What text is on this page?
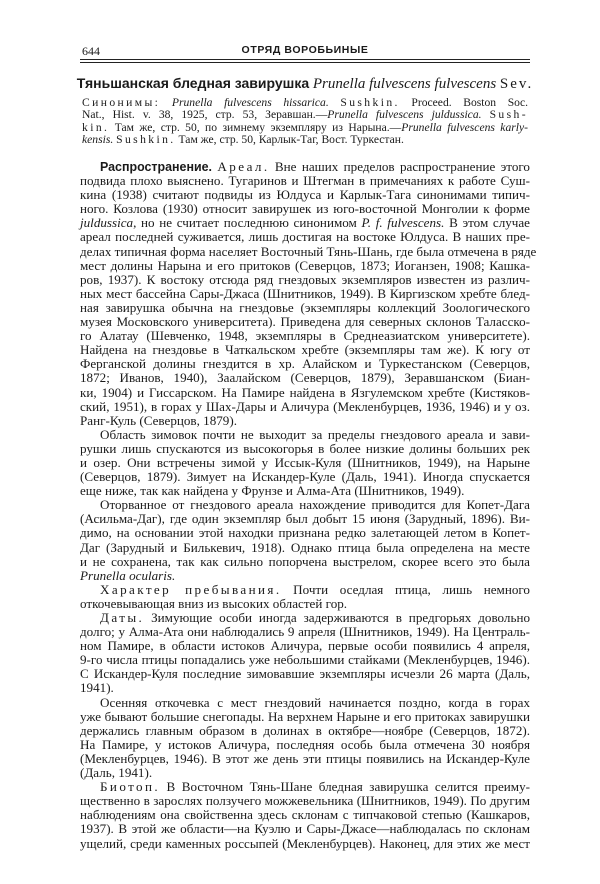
644	ОТРЯД ВОРОБЬИНЫЕ
Тяньшанская бледная завирушка Prunella fulvescens fulvescens Sev.
Синонимы: Prunella fulvescens hissarica. Sushkin. Proceed. Boston Soc.
Nat., Hist. v. 38, 1925, стр. 53, Зеравшан.—Prunella fulvescens juldussica. Sush-
kin. Там же, стр. 50, по зимнему экземпляру из Нарына.—Prunella fulvescens karly-
kensis. Sushkin. Там же, стр. 50, Карлык-Таг, Вост. Туркестан.
Распространение. Ареал. Вне наших пределов распространение этого
подвида плохо выяснено. Тугаринов и Штегман в примечаниях к работе Суш-
кина (1938) считают подвиды из Юлдуса и Карлык-Тага синонимами типич-
ного. Козлова (1930) относит завирушек из юго-восточной Монголии к форме
juldussica, но не считает последнюю синонимом P. f. fulvescens. В этом случае
ареал последней суживается, лишь достигая на востоке Юлдуса. В наших пре-
делах типичная форма населяет Восточный Тянь-Шань, где была отмечена в ряде
мест долины Нарына и его притоков (Северцов, 1873; Иоганзен, 1908; Кашка-
ров, 1937). К востоку отсюда ряд гнездовых экземпляров известен из различ-
ных мест бассейна Сары-Джаса (Шнитников, 1949). В Киргизском хребте блед-
ная завирушка обычна на гнездовье (экземпляры коллекций Зоологического
музея Московского университета). Приведена для северных склонов Таласско-
го Алатау (Шевченко, 1948, экземпляры в Среднеазиатском университете).
Найдена на гнездовье в Чаткальском хребте (экземпляры там же). К югу от
Ферганской долины гнездится в хр. Алайском и Туркестанском (Северцов,
1872; Иванов, 1940), Заалайском (Северцов, 1879), Зеравшанском (Биан-
ки, 1904) и Гиссарском. На Памире найдена в Язгулемском хребте (Кистяков-
ский, 1951), в горах у Шах-Дары и Аличура (Мекленбурцев, 1936, 1946) и у оз.
Ранг-Куль (Северцов, 1879).
Область зимовок почти не выходит за пределы гнездового ареала и зави-
рушки лишь спускаются из высокогорья в более низкие долины больших рек
и озер. Они встречены зимой у Иссык-Куля (Шнитников, 1949), на Нарыне
(Северцов, 1879). Зимует на Искандер-Куле (Даль, 1941). Иногда спускается
еще ниже, так как найдена у Фрунзе и Алма-Ата (Шнитников, 1949).
Оторванное от гнездового ареала нахождение приводится для Копет-Дага
(Асильма-Даг), где один экземпляр был добыт 15 июня (Зарудный, 1896). Ви-
димо, на основании этой находки признана редко залетающей летом в Копет-
Даг (Зарудный и Билькевич, 1918). Однако птица была определена на месте
и не сохранена, так как сильно попорчена выстрелом, скорее всего это была
Prunella ocularis.
Характер пребывания. Почти оседлая птица, лишь немного
откочевывающая вниз из высоких областей гор.
Даты. Зимующие особи иногда задерживаются в предгорьях довольно
долго; у Алма-Ата они наблюдались 9 апреля (Шнитников, 1949). На Централь-
ном Памире, в области истоков Аличура, первые особи появились 4 апреля,
9-го числа птицы попадались уже небольшими стайками (Мекленбурцев, 1946).
С Искандер-Куля последние зимовавшие экземпляры исчезли 26 марта (Даль,
1941).
Осенняя откочевка с мест гнездовий начинается поздно, когда в горах
уже бывают большие снегопады. На верхнем Нарыне и его притоках завирушки
держались главным образом в долинах в октябре—ноябре (Северцов, 1872).
На Памире, у истоков Аличура, последняя особь была отмечена 30 ноября
(Мекленбурцев, 1946). В этот же день эти птицы появились на Искандер-Куле
(Даль, 1941).
Биотоп. В Восточном Тянь-Шане бледная завирушка селится преиму-
щественно в зарослях ползучего можжевельника (Шнитников, 1949). По другим
наблюдениям она свойственна здесь склонам с типчаковой степью (Кашкаров,
1937). В этой же области—на Куэлю и Сары-Джасе—наблюдалась по склонам
ущелий, среди каменных россыпей (Мекленбурцев). Наконец, для этих же мест
